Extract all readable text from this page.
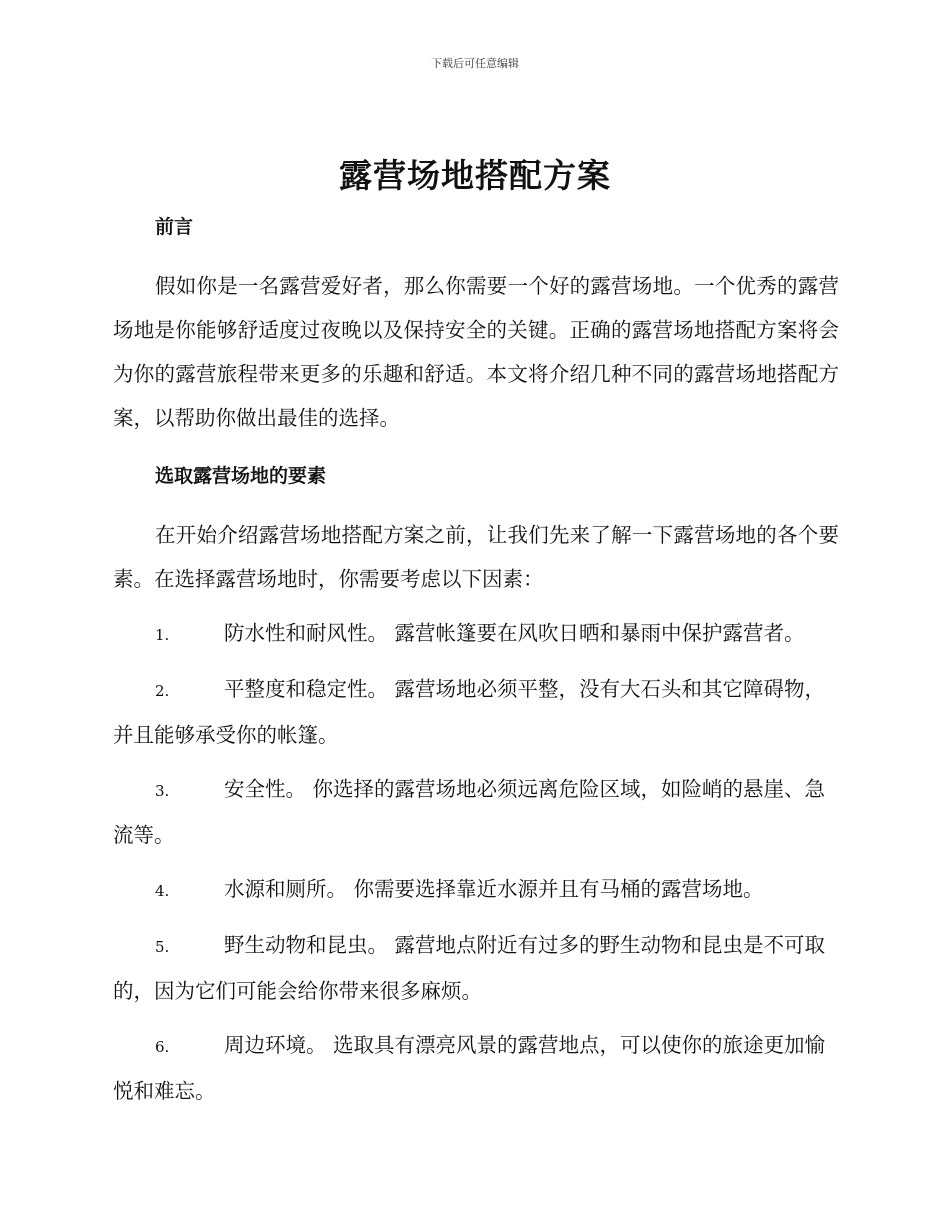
下载后可任意编辑
露营场地搭配方案

前言

假如你是一名露营爱好者，那么你需要一个好的露营场地。一个优秀的露营场地是你能够舒适度过夜晚以及保持安全的关键。正确的露营场地搭配方案将会为你的露营旅程带来更多的乐趣和舒适。本文将介绍几种不同的露营场地搭配方案，以帮助你做出最佳的选择。

选取露营场地的要素

在开始介绍露营场地搭配方案之前，让我们先来了解一下露营场地的各个要素。在选择露营场地时，你需要考虑以下因素：

1.	防水性和耐风性。 露营帐篷要在风吹日晒和暴雨中保护露营者。

2.	平整度和稳定性。 露营场地必须平整，没有大石头和其它障碍物，并且能够承受你的帐篷。

3.	安全性。 你选择的露营场地必须远离危险区域，如险峭的悬崖、急流等。

4.	水源和厕所。 你需要选择靠近水源并且有马桶的露营场地。

5.	野生动物和昆虫。 露营地点附近有过多的野生动物和昆虫是不可取的，因为它们可能会给你带来很多麻烦。

6.	周边环境。 选取具有漂亮风景的露营地点，可以使你的旅途更加愉悦和难忘。
